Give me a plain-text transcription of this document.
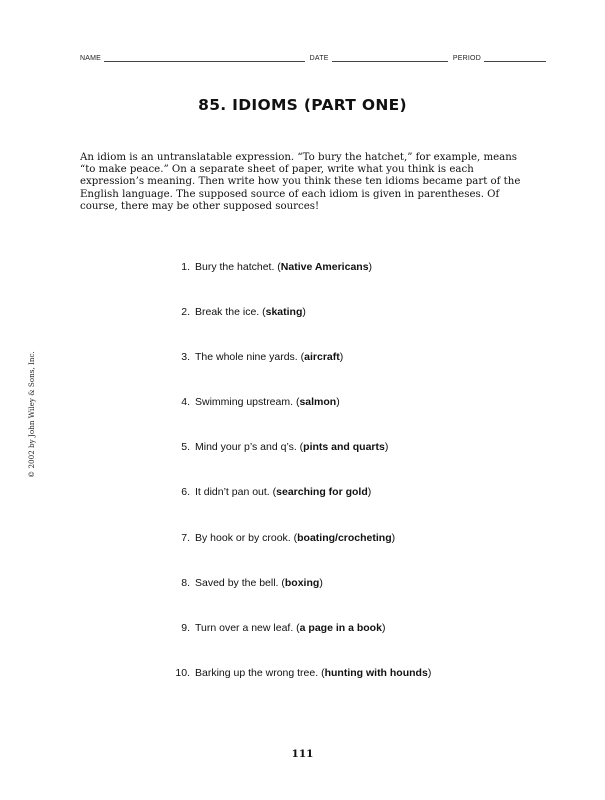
NAME	DATE	PERIOD
85. IDIOMS (PART ONE)

An idiom is an untranslatable expression. “To bury the hatchet,” for example, means “to make peace.” On a separate sheet of paper, write what you think is each expression’s meaning. Then write how you think these ten idioms became part of the English language. The supposed source of each idiom is given in parentheses. Of course, there may be other supposed sources!

1. Bury the hatchet. ( Native Americans )
2. Break the ice. ( skating )
3. The whole nine yards. ( aircraft )
4. Swimming upstream. ( salmon )
5. Mind your p’s and q’s. ( pints and quarts )
6. It didn’t pan out. ( searching for gold )
7. By hook or by crook. ( boating/crocheting )
8. Saved by the bell. ( boxing )
9. Turn over a new leaf. ( a page in a book )
10. Barking up the wrong tree. ( hunting with hounds )
© 2002 by John Wiley & Sons, Inc.
111
